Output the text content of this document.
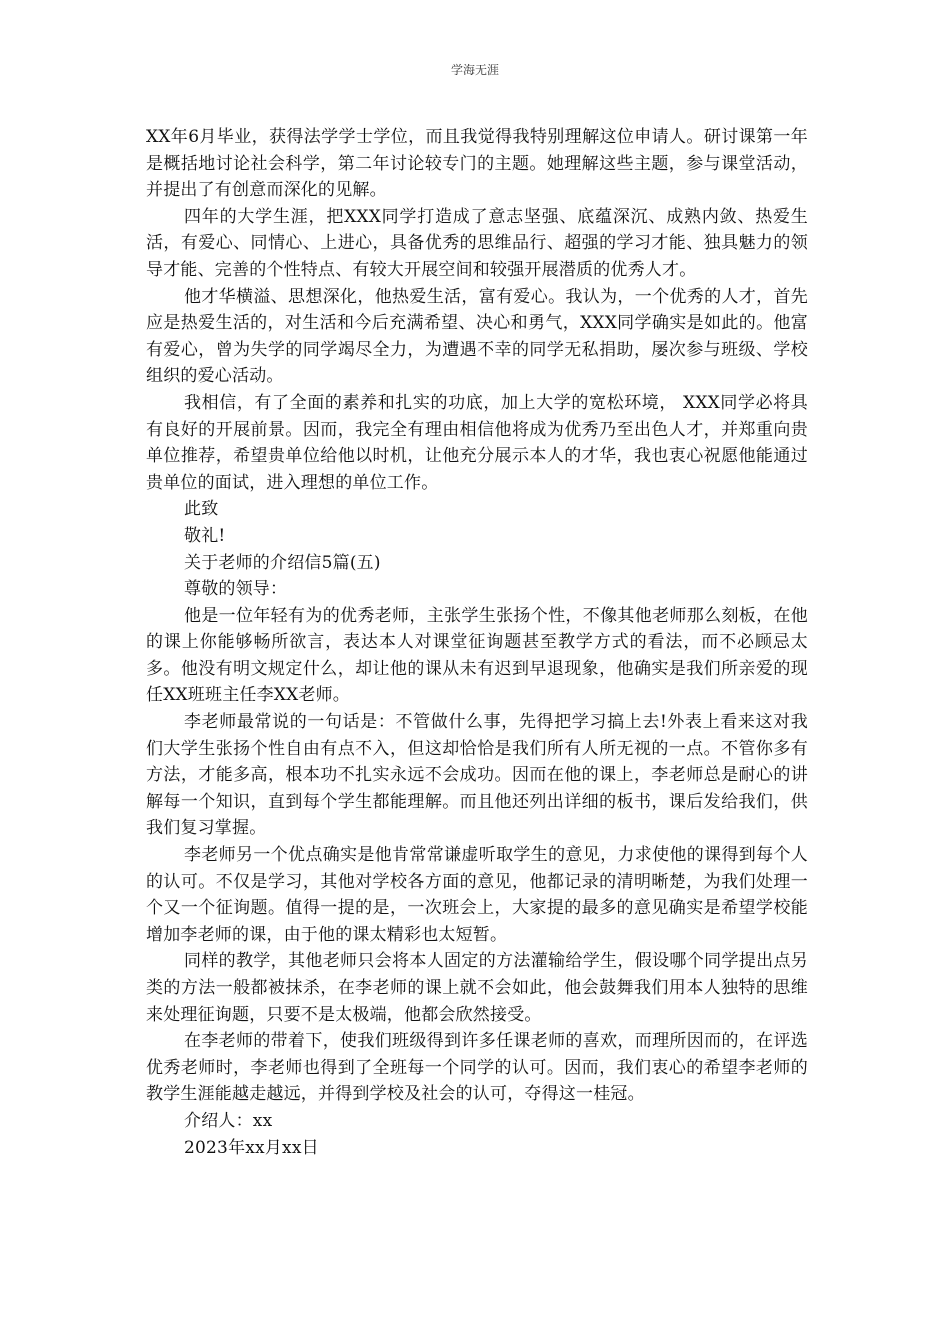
学海无涯

XX年6月毕业，获得法学学士学位，而且我觉得我特别理解这位申请人。研讨课第一年是概括地讨论社会科学，第二年讨论较专门的主题。她理解这些主题，参与课堂活动，并提出了有创意而深化的见解。

四年的大学生涯，把XXX同学打造成了意志坚强、底蕴深沉、成熟内敛、热爱生活，有爱心、同情心、上进心，具备优秀的思维品行、超强的学习才能、独具魅力的领导才能、完善的个性特点、有较大开展空间和较强开展潜质的优秀人才。

他才华横溢、思想深化，他热爱生活，富有爱心。我认为，一个优秀的人才，首先应是热爱生活的，对生活和今后充满希望、决心和勇气，XXX同学确实是如此的。他富有爱心，曾为失学的同学竭尽全力，为遭遇不幸的同学无私捐助，屡次参与班级、学校组织的爱心活动。

我相信，有了全面的素养和扎实的功底，加上大学的宽松环境， XXX同学必将具有良好的开展前景。因而，我完全有理由相信他将成为优秀乃至出色人才，并郑重向贵单位推荐，希望贵单位给他以时机，让他充分展示本人的才华，我也衷心祝愿他能通过贵单位的面试，进入理想的单位工作。

此致

敬礼!

关于老师的介绍信5篇(五)

尊敬的领导：

他是一位年轻有为的优秀老师，主张学生张扬个性，不像其他老师那么刻板，在他的课上你能够畅所欲言，表达本人对课堂征询题甚至教学方式的看法，而不必顾忌太多。他没有明文规定什么，却让他的课从未有迟到早退现象，他确实是我们所亲爱的现任XX班班主任李XX老师。

李老师最常说的一句话是：不管做什么事，先得把学习搞上去!外表上看来这对我们大学生张扬个性自由有点不入，但这却恰恰是我们所有人所无视的一点。不管你多有方法，才能多高，根本功不扎实永远不会成功。因而在他的课上，李老师总是耐心的讲解每一个知识，直到每个学生都能理解。而且他还列出详细的板书，课后发给我们，供我们复习掌握。

李老师另一个优点确实是他肯常常谦虚听取学生的意见，力求使他的课得到每个人的认可。不仅是学习，其他对学校各方面的意见，他都记录的清明晰楚，为我们处理一个又一个征询题。值得一提的是，一次班会上，大家提的最多的意见确实是希望学校能增加李老师的课，由于他的课太精彩也太短暂。

同样的教学，其他老师只会将本人固定的方法灌输给学生，假设哪个同学提出点另类的方法一般都被抹杀，在李老师的课上就不会如此，他会鼓舞我们用本人独特的思维来处理征询题，只要不是太极端，他都会欣然接受。

在李老师的带着下，使我们班级得到许多任课老师的喜欢，而理所因而的，在评选优秀老师时，李老师也得到了全班每一个同学的认可。因而，我们衷心的希望李老师的教学生涯能越走越远，并得到学校及社会的认可，夺得这一桂冠。

介绍人：xx

2023年xx月xx日
